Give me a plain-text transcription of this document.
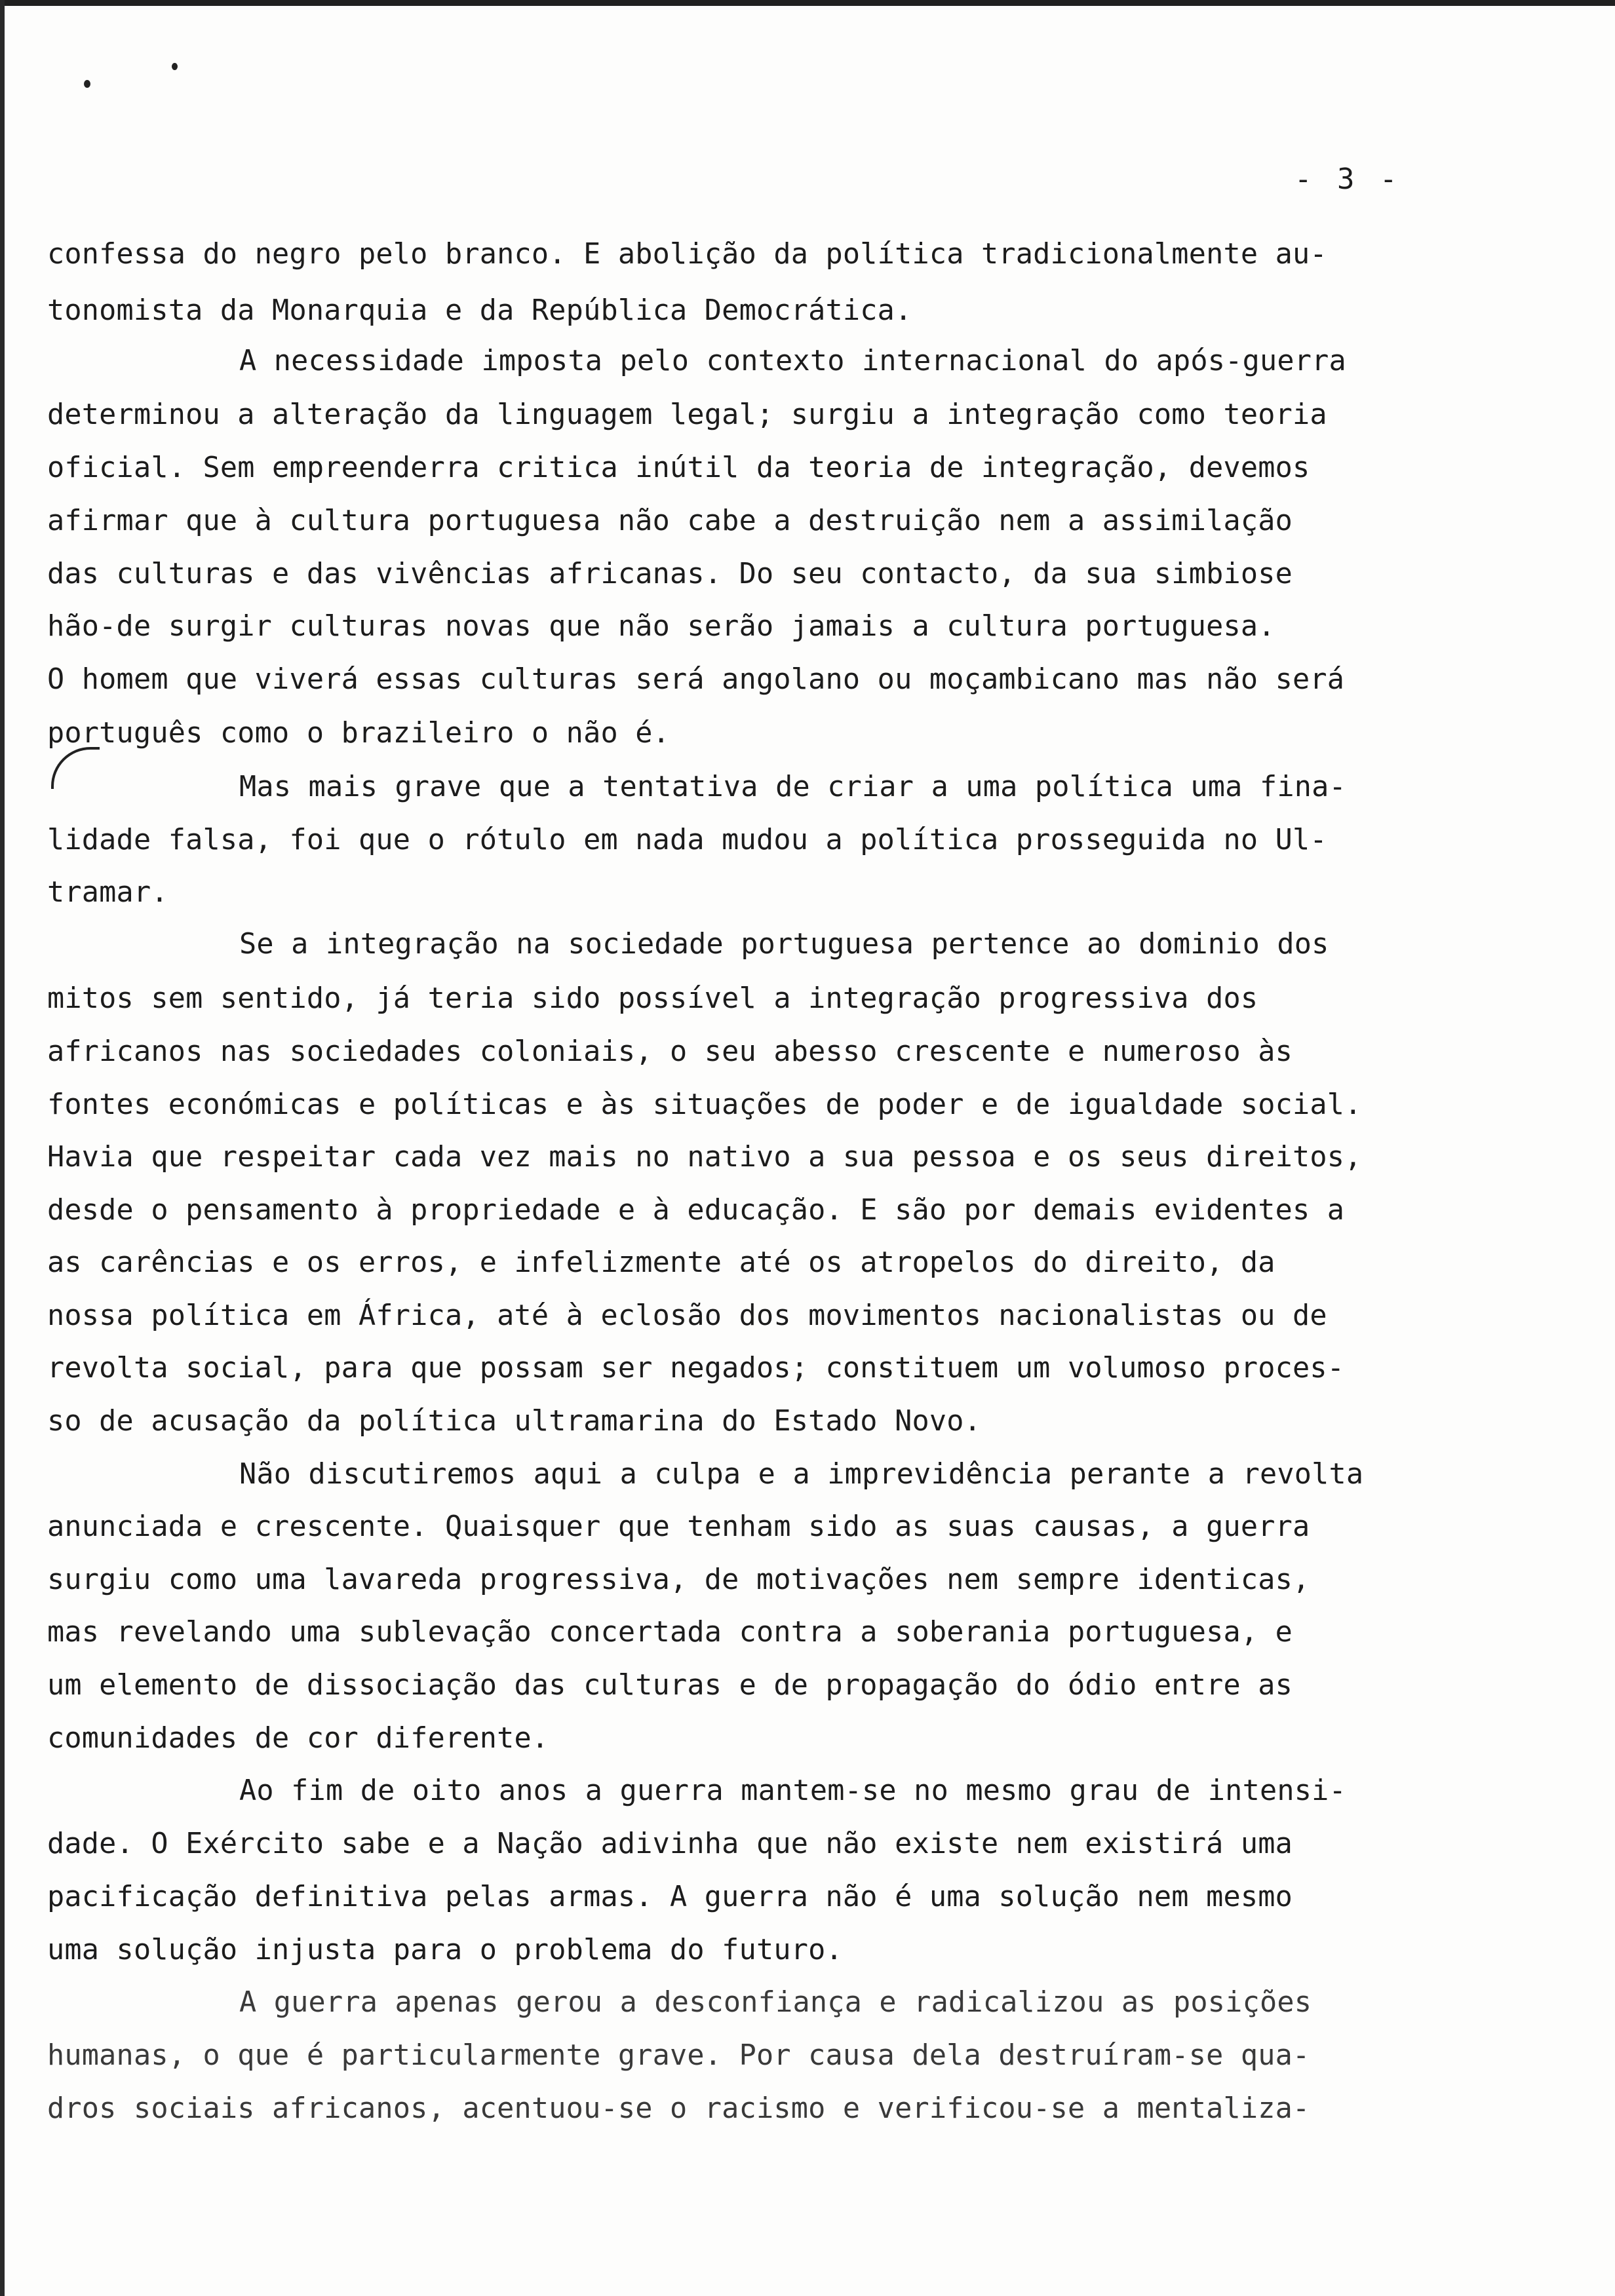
- 3 -
confessa do negro pelo branco. E abolição da política tradicionalmente au-
tonomista da Monarquia e da República Democrática.
A necessidade imposta pelo contexto internacional do após-guerra
determinou a alteração da linguagem legal; surgiu a integração como teoria
oficial. Sem empreenderra critica inútil da teoria de integração, devemos
afirmar que à cultura portuguesa não cabe a destruição nem a assimilação
das culturas e das vivências africanas. Do seu contacto, da sua simbiose
hão-de surgir culturas novas que não serão jamais a cultura portuguesa.
O homem que viverá essas culturas será angolano ou moçambicano mas não será
português como o brazileiro o não é.
Mas mais grave que a tentativa de criar a uma política uma fina-
lidade falsa, foi que o rótulo em nada mudou a política prosseguida no Ul-
tramar.
Se a integração na sociedade portuguesa pertence ao dominio dos
mitos sem sentido, já teria sido possível a integração progressiva dos
africanos nas sociedades coloniais, o seu abesso crescente e numeroso às
fontes económicas e políticas e às situações de poder e de igualdade social.
Havia que respeitar cada vez mais no nativo a sua pessoa e os seus direitos,
desde o pensamento à propriedade e à educação. E são por demais evidentes a
as carências e os erros, e infelizmente até os atropelos do direito, da
nossa política em África, até à eclosão dos movimentos nacionalistas ou de
revolta social, para que possam ser negados; constituem um volumoso proces-
so de acusação da política ultramarina do Estado Novo.
Não discutiremos aqui a culpa e a imprevidência perante a revolta
anunciada e crescente. Quaisquer que tenham sido as suas causas, a guerra
surgiu como uma lavareda progressiva, de motivações nem sempre identicas,
mas revelando uma sublevação concertada contra a soberania portuguesa, e
um elemento de dissociação das culturas e de propagação do ódio entre as
comunidades de cor diferente.
Ao fim de oito anos a guerra mantem-se no mesmo grau de intensi-
dade. O Exército sabe e a Nação adivinha que não existe nem existirá uma
pacificação definitiva pelas armas. A guerra não é uma solução nem mesmo
uma solução injusta para o problema do futuro.
A guerra apenas gerou a desconfiança e radicalizou as posições
humanas, o que é particularmente grave. Por causa dela destruíram-se qua-
dros sociais africanos, acentuou-se o racismo e verificou-se a mentaliza-
